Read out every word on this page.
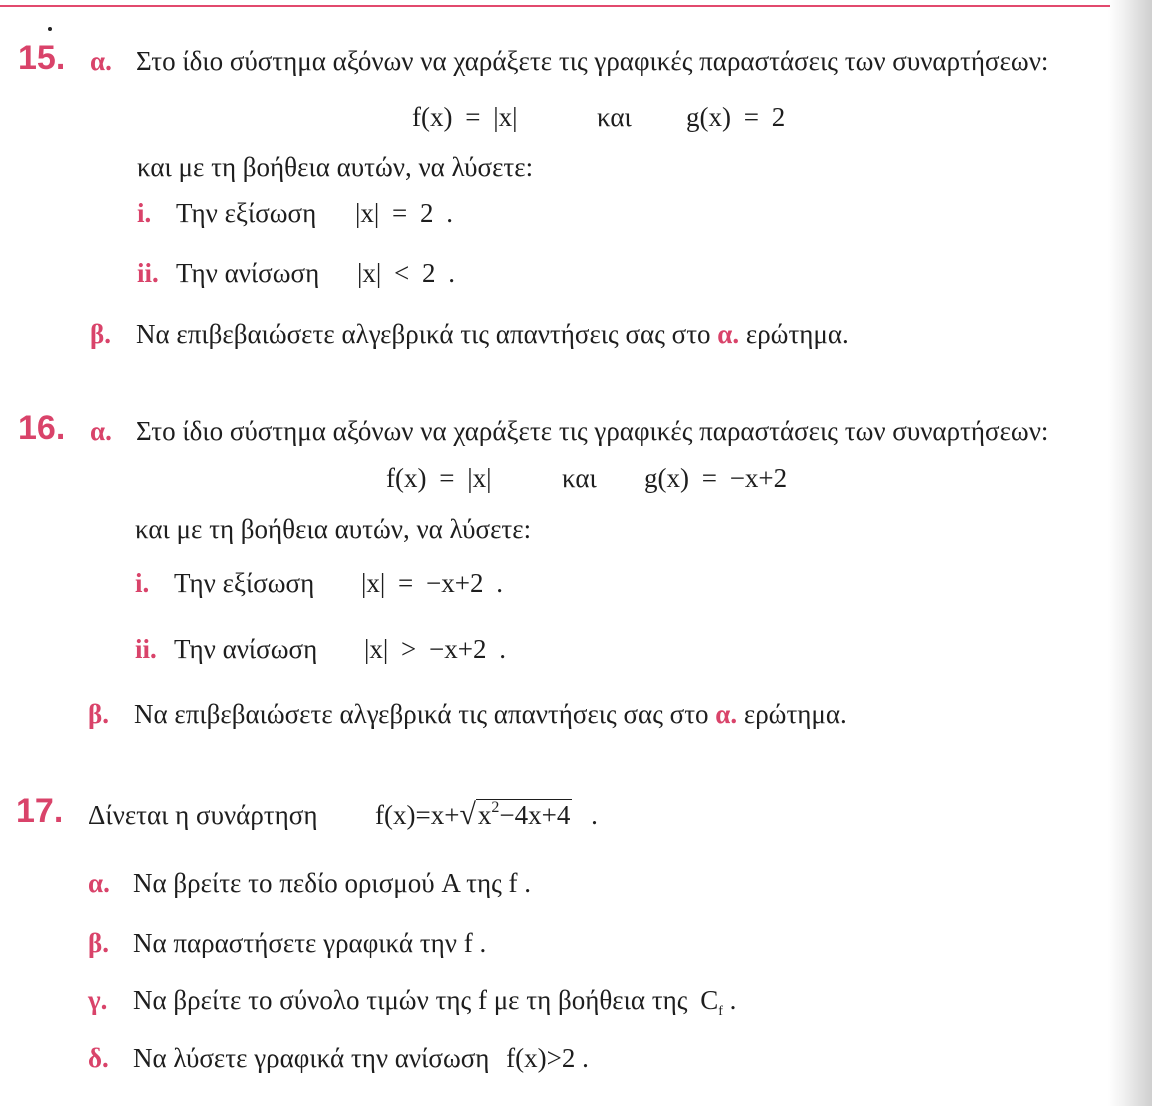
15. α. Στο ίδιο σύστημα αξόνων να χαράξετε τις γραφικές παραστάσεις των συναρτήσεων:
f(x) = |x|	και g(x) = 2
και με τη βοήθεια αυτών, να λύσετε:
i. Την εξίσωση |x| = 2 .
ii. Την ανίσωση |x| < 2 .
β. Να επιβεβαιώσετε αλγεβρικά τις απαντήσεις σας στο α. ερώτημα.
16. α. Στο ίδιο σύστημα αξόνων να χαράξετε τις γραφικές παραστάσεις των συναρτήσεων:
f(x) = |x|	και g(x) = −x+2
και με τη βοήθεια αυτών, να λύσετε:
i. Την εξίσωση |x| = −x+2 .
ii. Την ανίσωση |x| > −x+2 .
β. Να επιβεβαιώσετε αλγεβρικά τις απαντήσεις σας στο α. ερώτημα.
17. Δίνεται η συνάρτηση $f(x)=x+√x^2-4x+4$ .
α. Να βρείτε το πεδίο ορισμού A της f .
β. Να παραστήσετε γραφικά την f .
γ. Να βρείτε το σύνολο τιμών της f με τη βοήθεια της $C_f$ .
δ. Να λύσετε γραφικά την ανίσωση f(x)>2 .
